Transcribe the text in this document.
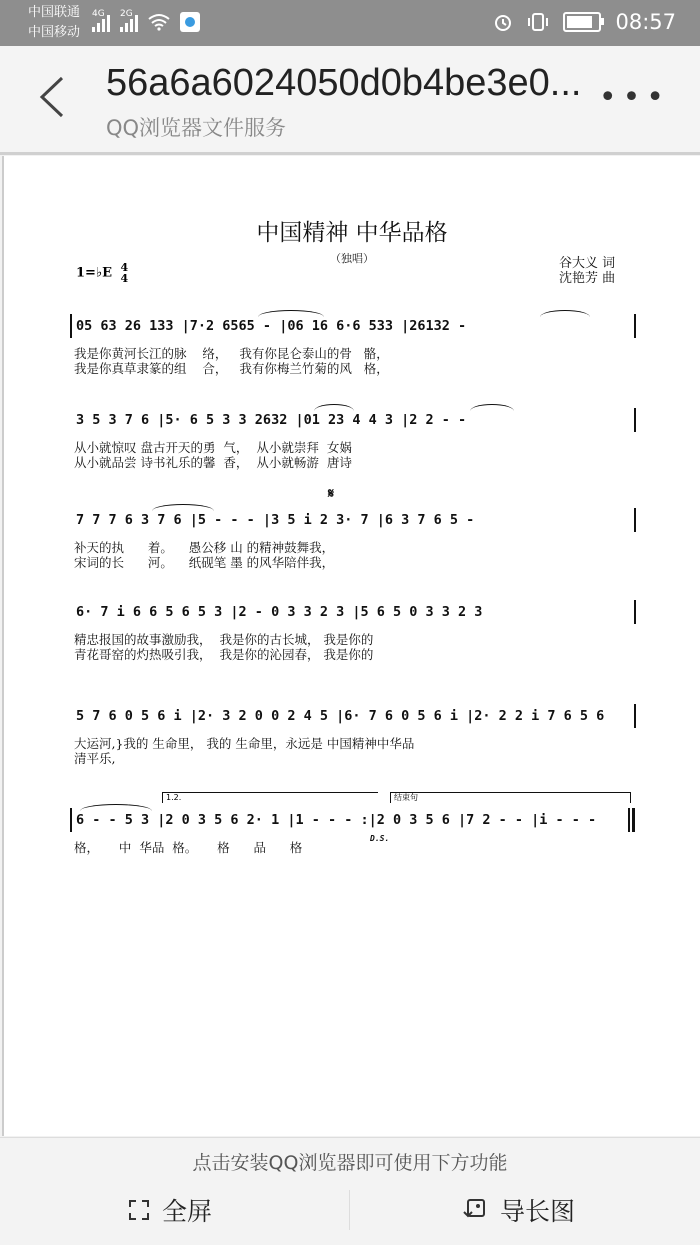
中国联通
中国移动
4G 2G	08:57
56a6a6024050d0b4be3e0...
QQ浏览器文件服务
•••
中国精神 中华品格
（独唱）	谷大义 词
沈艳芳 曲
1=♭E 4
4

05 63 26 133 |7·2 6565 - |06 16 6·6 533 |26132 -

我是你黄河长江的脉    络，   我有你昆仑泰山的骨   骼，
我是你真草隶篆的组    合，   我有你梅兰竹菊的风   格，

3 5 3 7 6 |5· 6 5 3 3 2632 |01 23 4 4 3 |2 2 - -

从小就惊叹 盘古开天的勇  气，  从小就崇拜  女娲
从小就品尝 诗书礼乐的馨  香，  从小就畅游  唐诗

7 7 7 6 3 7 6 |5 - - - |3 5 i 2 3· 7 |6 3 7 6 5 -

𝄋

补天的执      着。    愚公移 山 的精神鼓舞我，
宋词的长      河。    纸砚笔 墨 的风华陪伴我，

6· 7 i 6 6 5 6 5 3 |2 - 0 3 3 2 3 |5 6 5 0 3 3 2 3

精忠报国的故事激励我，  我是你的古长城， 我是你的
青花哥窑的灼热吸引我，  我是你的沁园春， 我是你的

5 7 6 0 5 6 i |2· 3 2 0 0 2 4 5 |6· 7 6 0 5 6 i |2· 2 2 i 7 6 5 6

大运河,}我的 生命里， 我的 生命里，永远是 中国精神中华品
清平乐,
1.2.	结束句

6 - - 5 3 |2 0 3 5 6 2· 1 |1 - - - :|2 0 3 5 6 |7 2 - - |i - - -

D.S.

格，     中  华品  格。     格      品      格
点击安装QQ浏览器即可使用下方功能
全屏	导长图
